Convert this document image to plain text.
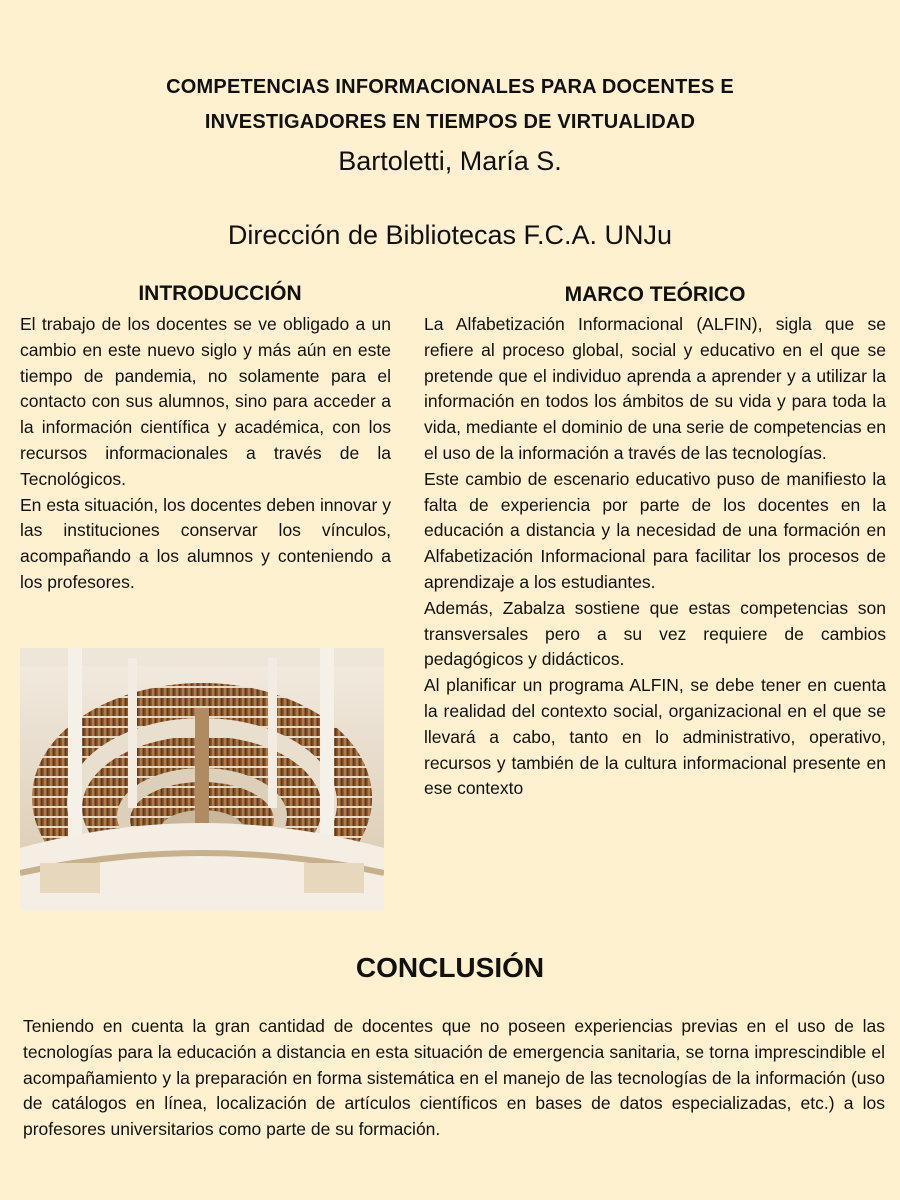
COMPETENCIAS INFORMACIONALES PARA DOCENTES E
INVESTIGADORES EN TIEMPOS DE VIRTUALIDAD
Bartoletti, María S.
Dirección de Bibliotecas F.C.A. UNJu
INTRODUCCIÓN

El trabajo de los docentes se ve obligado a un cambio en este nuevo siglo y más aún en este tiempo de pandemia, no solamente para el contacto con sus alumnos, sino para acceder a la información científica y académica, con los recursos informacionales a través de la Tecnológicos.

En esta situación, los docentes deben innovar y las instituciones conservar los vínculos, acompañando a los alumnos y conteniendo a los profesores.

MARCO TEÓRICO

La Alfabetización Informacional (ALFIN), sigla que se refiere al proceso global, social y educativo en el que se pretende que el individuo aprenda a aprender y a utilizar la información en todos los ámbitos de su vida y para toda la vida, mediante el dominio de una serie de competencias en el uso de la información a través de las tecnologías.

Este cambio de escenario educativo puso de manifiesto la falta de experiencia por parte de los docentes en la educación a distancia y la necesidad de una formación en Alfabetización Informacional para facilitar los procesos de aprendizaje a los estudiantes.

Además, Zabalza sostiene que estas competencias son transversales pero a su vez requiere de cambios pedagógicos y didácticos.

Al planificar un programa ALFIN, se debe tener en cuenta la realidad del contexto social, organizacional en el que se llevará a cabo, tanto en lo administrativo, operativo, recursos y también de la cultura informacional presente en ese contexto

CONCLUSIÓN
Teniendo en cuenta la gran cantidad de docentes que no poseen experiencias previas en el uso de las tecnologías para la educación a distancia en esta situación de emergencia sanitaria, se torna imprescindible el acompañamiento y la preparación en forma sistemática en el manejo de las tecnologías de la información (uso de catálogos en línea, localización de artículos científicos en bases de datos especializadas, etc.) a los profesores universitarios como parte de su formación.
